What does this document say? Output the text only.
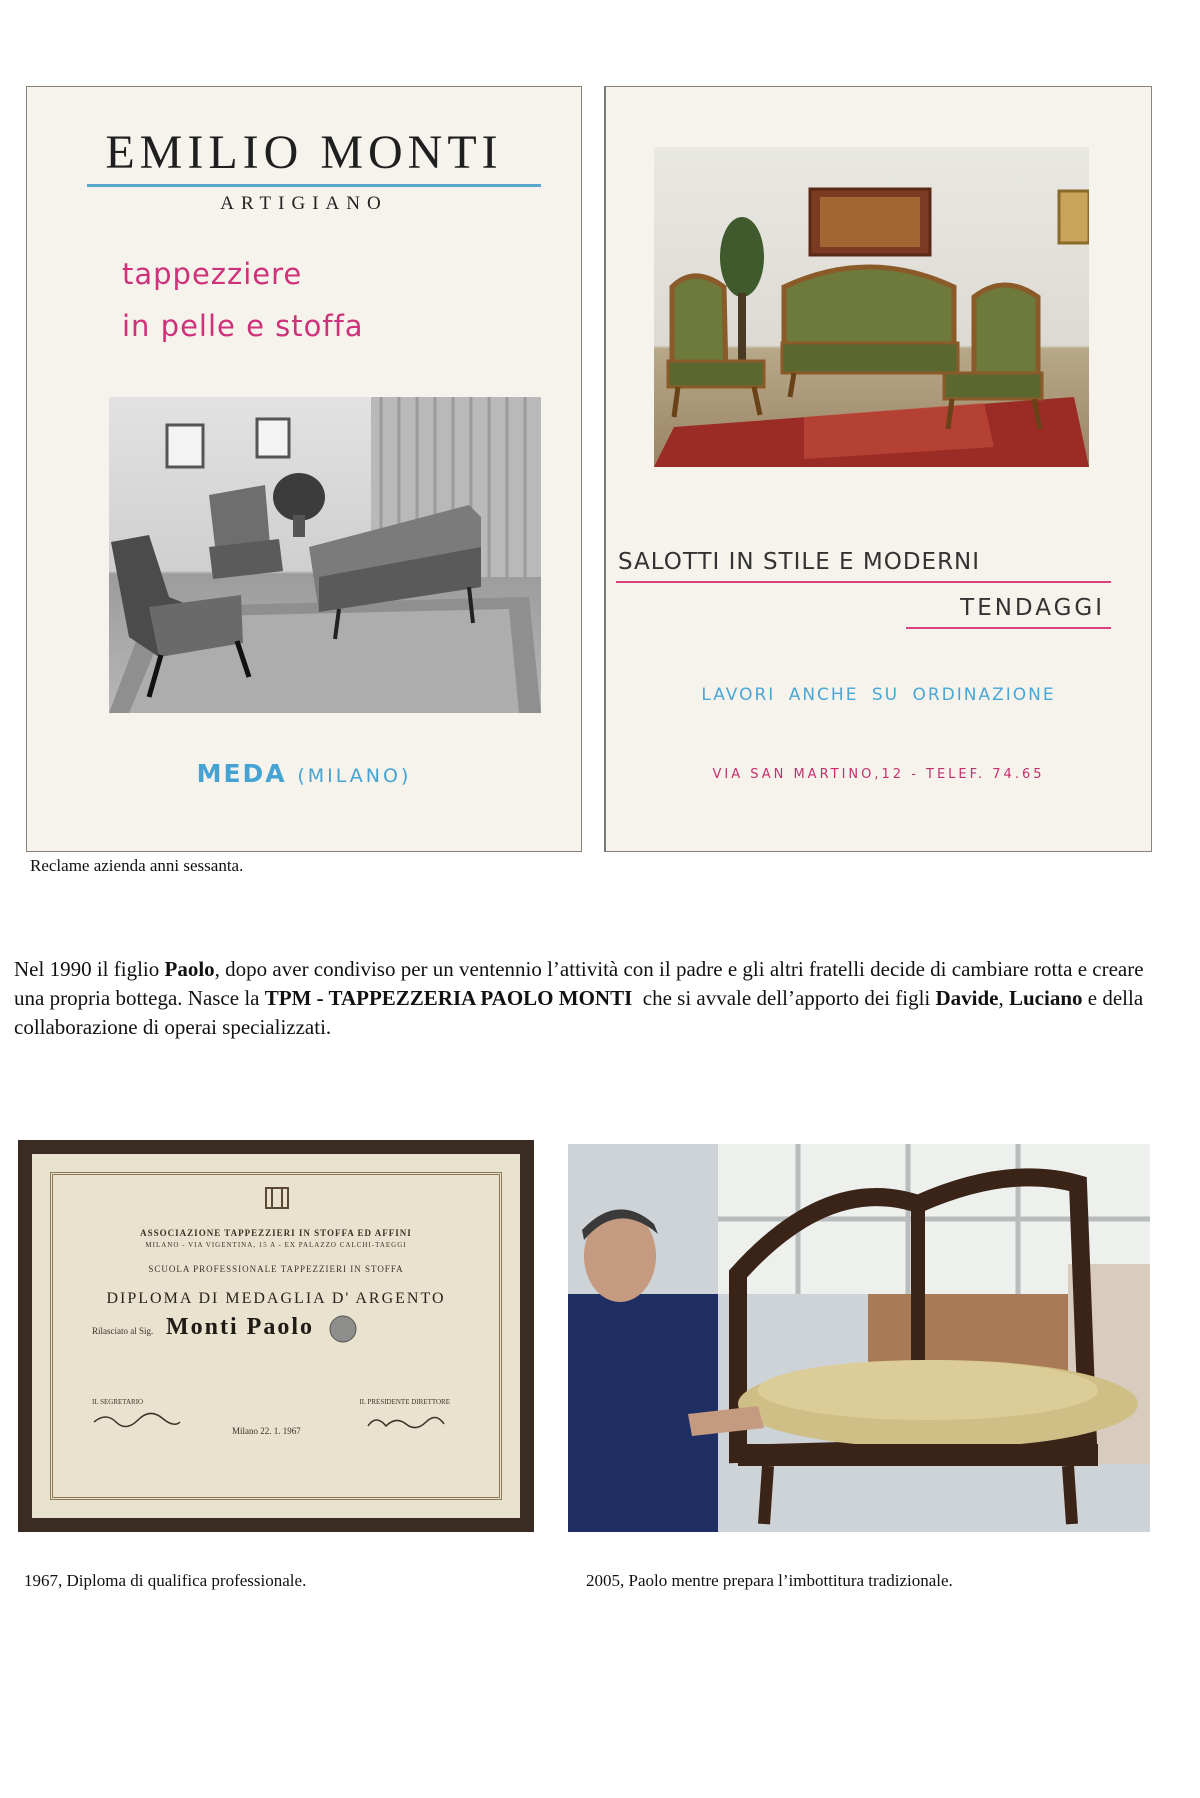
EMILIO MONTI
ARTIGIANO
tappezziere
in pelle e stoffa
MEDA (MILANO)
SALOTTI IN STILE E MODERNI
TENDAGGI
LAVORI ANCHE SU ORDINAZIONE
VIA SAN MARTINO,12 - TELEF. 74.65
Reclame azienda anni sessanta.
Nel 1990 il figlio Paolo, dopo aver condiviso per un ventennio l’attività con il padre e gli altri fratelli decide di cambiare rotta e creare una propria bottega. Nasce la TPM - TAPPEZZERIA PAOLO MONTI  che si avvale dell’apporto dei figli Davide, Luciano e della collaborazione di operai specializzati.
ASSOCIAZIONE TAPPEZZIERI IN STOFFA ED AFFINI
MILANO - VIA VIGENTINA, 15 A - EX PALAZZO CALCHI-TAEGGI
SCUOLA PROFESSIONALE TAPPEZZIERI IN STOFFA
DIPLOMA DI MEDAGLIA D' ARGENTO
Rilasciato al Sig. Monti Paolo
IL SEGRETARIO	IL PRESIDENTE DIRETTORE
Milano 22. 1. 1967
1967, Diploma di qualifica professionale.	2005, Paolo mentre prepara l’imbottitura tradizionale.
